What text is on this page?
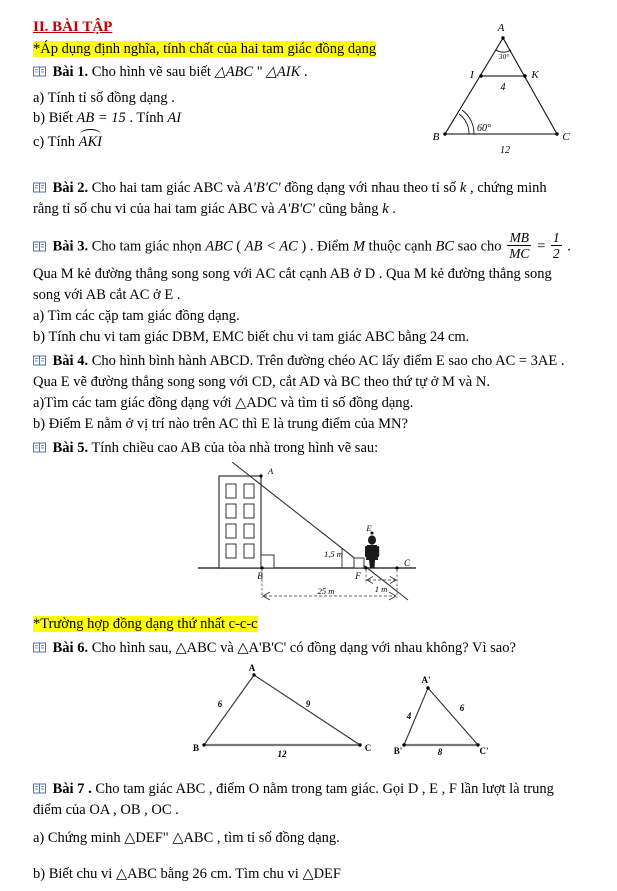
II. BÀI TẬP
*Áp dụng định nghĩa, tính chất của hai tam giác đồng dạng
Bài 1. Cho hình vẽ sau biết △ABC " △AIK .
a) Tính tỉ số đồng dạng .
b) Biết AB = 15 . Tính AI
c) Tính AKI
A
30°
I	K
4
B	C
60°
12
Bài 2. Cho hai tam giác ABC và A'B'C' đồng dạng với nhau theo tỉ số k , chứng minh
rằng tỉ số chu vi của hai tam giác ABC và A'B'C' cũng bằng k .
Bài 3. Cho tam giác nhọn ABC ( AB < AC ) . Điểm M thuộc cạnh BC sao cho $\frac{MB}{MC} = \frac{1}{2}$ .
Qua M kẻ đường thẳng song song với AC cắt cạnh AB ở D . Qua M kẻ đường thẳng song
song với AB cắt AC ở E .
a) Tìm các cặp tam giác đồng dạng.
b) Tính chu vi tam giác DBM, EMC biết chu vi tam giác ABC bằng 24 cm.
Bài 4. Cho hình bình hành ABCD. Trên đường chéo AC lấy điểm E sao cho AC = 3AE .
Qua E vẽ đường thẳng song song với CD, cắt AD và BC theo thứ tự ở M và N.
a)Tìm các tam giác đồng dạng với △ADC và tìm tỉ số đồng dạng.
b) Điểm E nằm ở vị trí nào trên AC thì E là trung điểm của MN?
Bài 5. Tính chiều cao AB của tòa nhà trong hình vẽ sau:
A
B
C
E
F
1,5 m
25 m	1 m
*Trường hợp đồng dạng thứ nhất c-c-c
Bài 6. Cho hình sau, △ABC và △A'B'C' có đồng dạng với nhau không? Vì sao?
A
B	C
6	9
12
A'
B'	C'
4
6
8
Bài 7 . Cho tam giác ABC , điểm O nằm trong tam giác. Gọi D , E , F lần lượt là trung
điểm của OA , OB , OC .
a) Chứng minh △DEF" △ABC , tìm tỉ số đồng dạng.
b) Biết chu vi △ABC bằng 26 cm. Tìm chu vi △DEF
